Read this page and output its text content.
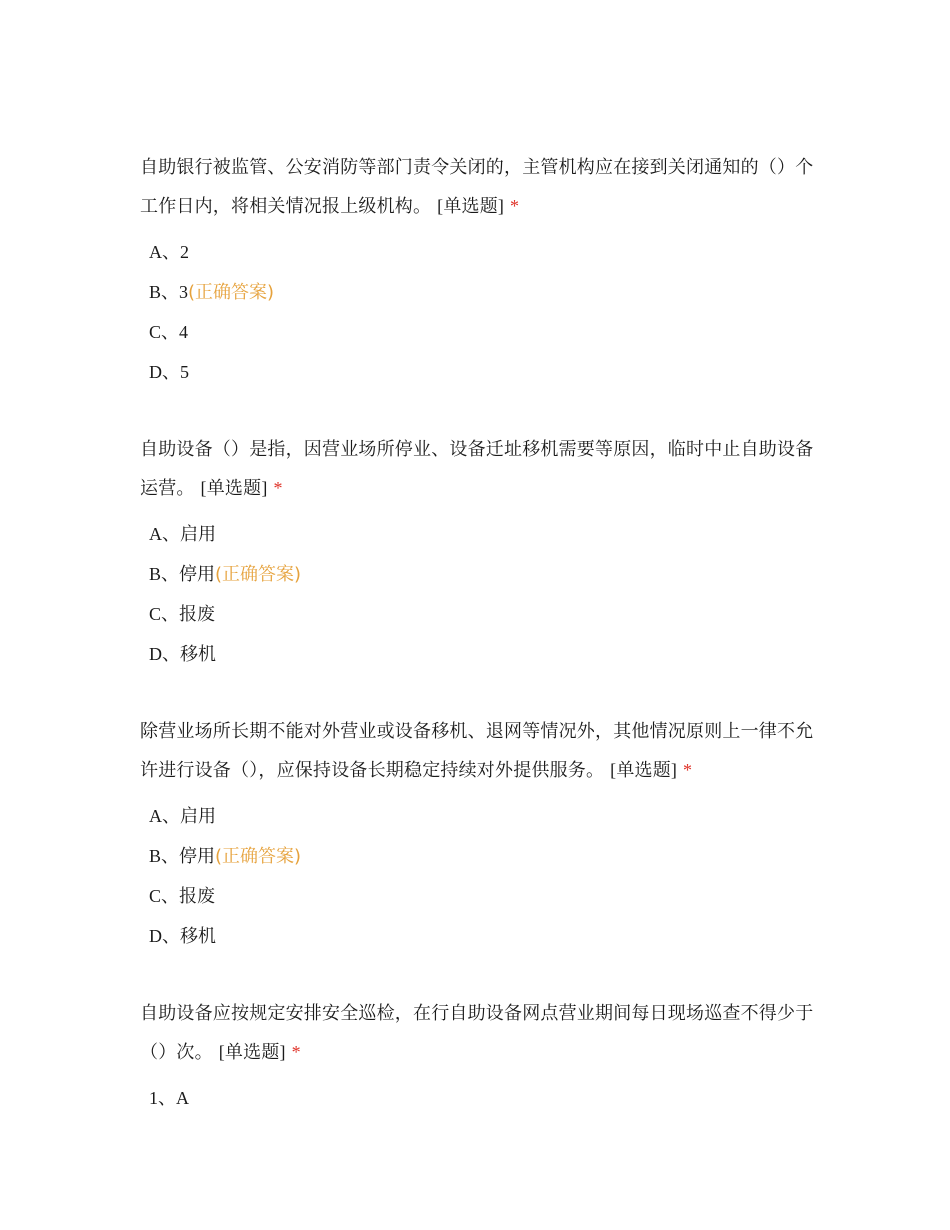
自助银行被监管、公安消防等部门责令关闭的，主管机构应在接到关闭通知的（）个工作日内，将相关情况报上级机构。 [单选题] *

A、2
B、3(正确答案)
C、4
D、5

自助设备（）是指，因营业场所停业、设备迁址移机需要等原因，临时中止自助设备运营。 [单选题] *

A、启用
B、停用(正确答案)
C、报废
D、移机

除营业场所长期不能对外营业或设备移机、退网等情况外，其他情况原则上一律不允许进行设备（），应保持设备长期稳定持续对外提供服务。 [单选题] *

A、启用
B、停用(正确答案)
C、报废
D、移机

自助设备应按规定安排安全巡检，在行自助设备网点营业期间每日现场巡查不得少于（）次。 [单选题] *

1、A
